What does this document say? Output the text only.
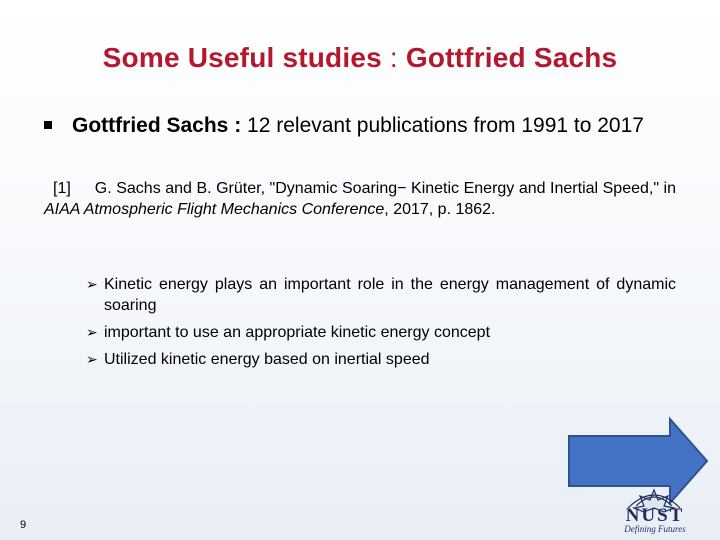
Some Useful studies : Gottfried Sachs
Gottfried Sachs : 12 relevant publications from 1991 to 2017
[1] G. Sachs and B. Grüter, "Dynamic Soaring− Kinetic Energy and Inertial Speed," in AIAA Atmospheric Flight Mechanics Conference, 2017, p. 1862.
➢ Kinetic energy plays an important role in the energy management of dynamic soaring
➢ important to use an appropriate kinetic energy concept
➢ Utilized kinetic energy based on inertial speed
9	NUST
Defining Futures
